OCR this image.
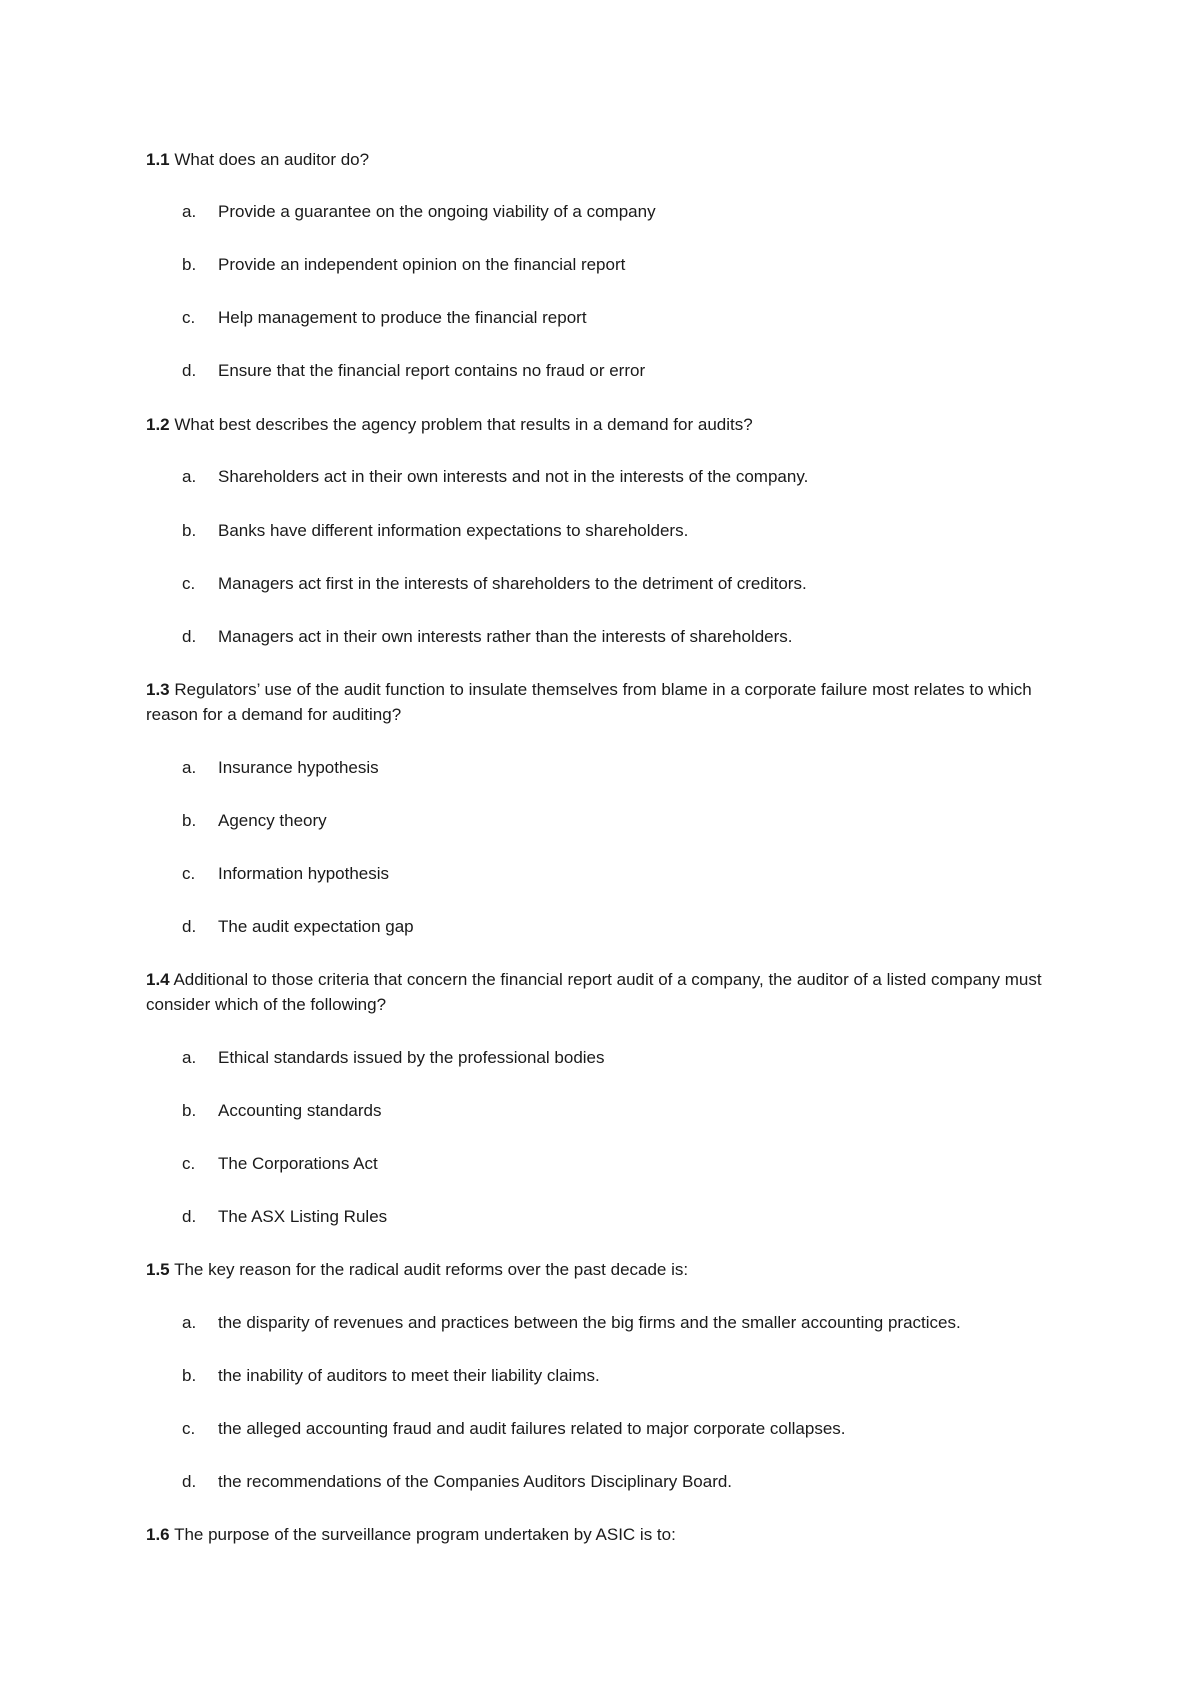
1.1 What does an auditor do?
a. Provide a guarantee on the ongoing viability of a company
b. Provide an independent opinion on the financial report
c. Help management to produce the financial report
d. Ensure that the financial report contains no fraud or error
1.2 What best describes the agency problem that results in a demand for audits?
a. Shareholders act in their own interests and not in the interests of the company.
b. Banks have different information expectations to shareholders.
c. Managers act first in the interests of shareholders to the detriment of creditors.
d. Managers act in their own interests rather than the interests of shareholders.
1.3 Regulators’ use of the audit function to insulate themselves from blame in a corporate failure most relates to which reason for a demand for auditing?
a. Insurance hypothesis
b. Agency theory
c. Information hypothesis
d. The audit expectation gap
1.4 Additional to those criteria that concern the financial report audit of a company, the auditor of a listed company must consider which of the following?
a. Ethical standards issued by the professional bodies
b. Accounting standards
c. The Corporations Act
d. The ASX Listing Rules
1.5 The key reason for the radical audit reforms over the past decade is:
a. the disparity of revenues and practices between the big firms and the smaller accounting practices.
b. the inability of auditors to meet their liability claims.
c. the alleged accounting fraud and audit failures related to major corporate collapses.
d. the recommendations of the Companies Auditors Disciplinary Board.
1.6 The purpose of the surveillance program undertaken by ASIC is to:
